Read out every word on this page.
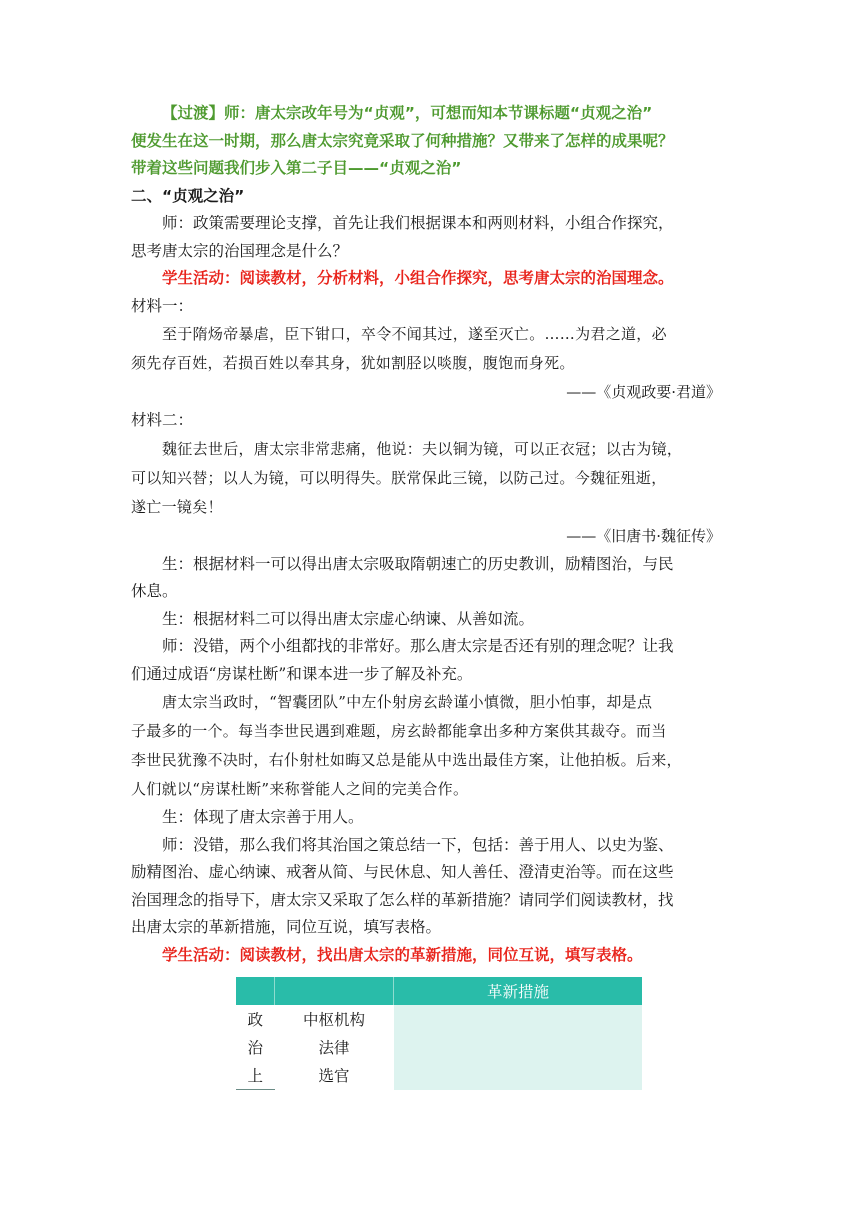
【过渡】师：唐太宗改年号为“贞观”，可想而知本节课标题“贞观之治”

便发生在这一时期，那么唐太宗究竟采取了何种措施？又带来了怎样的成果呢？

带着这些问题我们步入第二子目——“贞观之治”

二、“贞观之治”

师：政策需要理论支撑，首先让我们根据课本和两则材料，小组合作探究，

思考唐太宗的治国理念是什么？

学生活动：阅读教材，分析材料，小组合作探究，思考唐太宗的治国理念。

材料一：

至于隋炀帝暴虐，臣下钳口，卒令不闻其过，遂至灭亡。……为君之道，必

须先存百姓，若损百姓以奉其身，犹如割胫以啖腹，腹饱而身死。

——《贞观政要·君道》

材料二：

魏征去世后，唐太宗非常悲痛，他说：夫以铜为镜，可以正衣冠；以古为镜，

可以知兴替；以人为镜，可以明得失。朕常保此三镜，以防己过。今魏征殂逝，

遂亡一镜矣！

——《旧唐书·魏征传》

生：根据材料一可以得出唐太宗吸取隋朝速亡的历史教训，励精图治，与民

休息。

生：根据材料二可以得出唐太宗虚心纳谏、从善如流。

师：没错，两个小组都找的非常好。那么唐太宗是否还有别的理念呢？让我

们通过成语“房谋杜断”和课本进一步了解及补充。

唐太宗当政时，“智囊团队”中左仆射房玄龄谨小慎微，胆小怕事，却是点

子最多的一个。每当李世民遇到难题，房玄龄都能拿出多种方案供其裁夺。而当

李世民犹豫不决时，右仆射杜如晦又总是能从中选出最佳方案，让他拍板。后来，

人们就以“房谋杜断”来称誉能人之间的完美合作。

生：体现了唐太宗善于用人。

师：没错，那么我们将其治国之策总结一下，包括：善于用人、以史为鉴、

励精图治、虚心纳谏、戒奢从简、与民休息、知人善任、澄清吏治等。而在这些

治国理念的指导下，唐太宗又采取了怎么样的革新措施？请同学们阅读教材，找

出唐太宗的革新措施，同位互说，填写表格。

学生活动：阅读教材，找出唐太宗的革新措施，同位互说，填写表格。

		革新措施
政	中枢机构	
治	法律	
上	选官	
